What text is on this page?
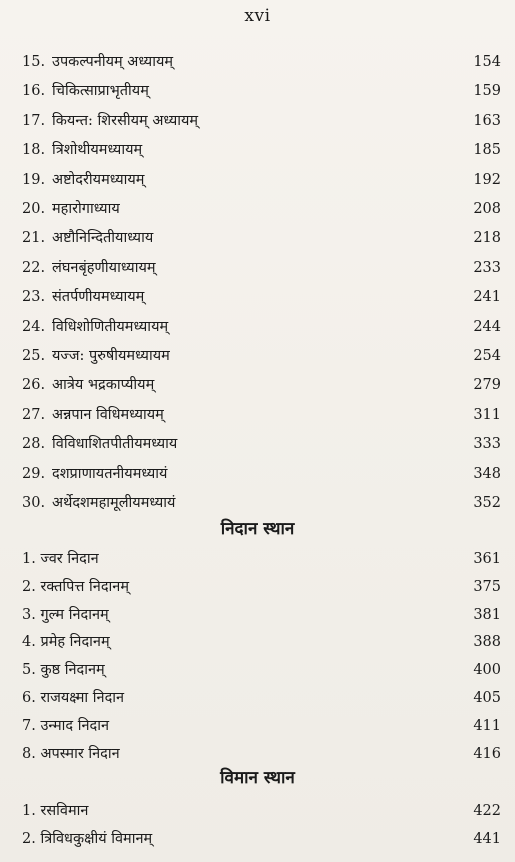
xvi
15. उपकल्पनीयम् अध्यायम्	154
16. चिकित्साप्राभृतीयम्	159
17. कियन्त: शिरसीयम् अध्यायम्	163
18. त्रिशोथीयमध्यायम्	185
19. अष्टोदरीयमध्यायम्	192
20. महारोगाध्याय	208
21. अष्टौनिन्दितीयाध्याय	218
22. लंघनबृंहणीयाध्यायम्	233
23. संतर्पणीयमध्यायम्	241
24. विधिशोणितीयमध्यायम्	244
25. यज्ज: पुरुषीयमध्यायम	254
26. आत्रेय भद्रकाप्यीयम्	279
27. अन्नपान विधिमध्यायम्	311
28. विविधाशितपीतीयमध्याय	333
29. दशप्राणायतनीयमध्यायं	348
30. अर्थेदशमहामूलीयमध्यायं	352
निदान स्थान
1. ज्वर निदान	361
2. रक्तपित्त निदानम्	375
3. गुल्म निदानम्	381
4. प्रमेह निदानम्	388
5. कुष्ठ निदानम्	400
6. राजयक्ष्मा निदान	405
7. उन्माद निदान	411
8. अपस्मार निदान	416
विमान स्थान
1. रसविमान	422
2. त्रिविधकुक्षीयं विमानम्	441
